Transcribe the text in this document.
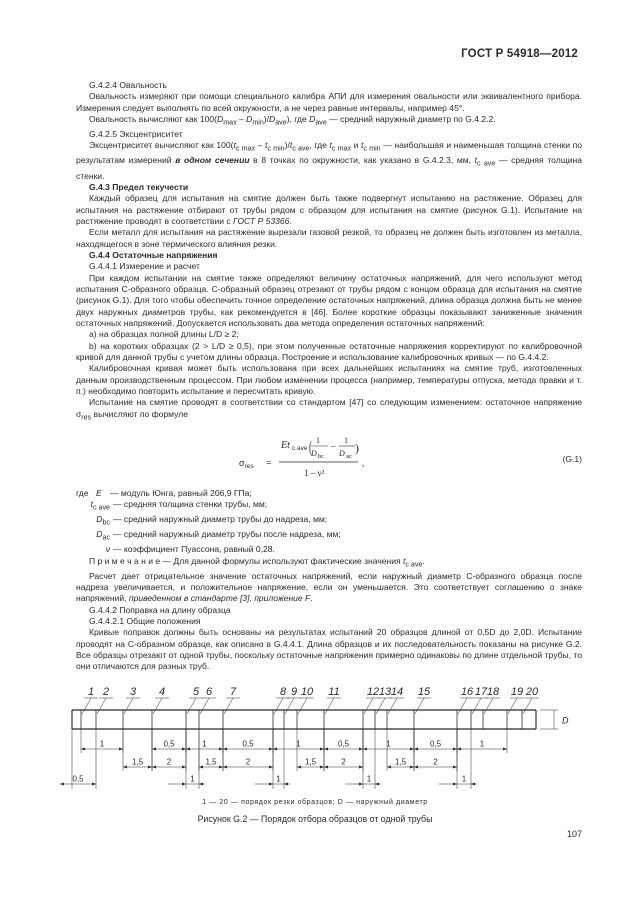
ГОСТ Р 54918—2012

G.4.2.4 Овальность

Овальность измеряют при помощи специального калибра АПИ для измерения овальности или эквивалентного прибора. Измерения следует выполнять по всей окружности, а не через равные интервалы, например 45°.

Овальность вычисляют как $100(D_{max} - D_{min})/D_{ave}$), где $D_{ave}$ — средний наружный диаметр по G.4.2.2.

G.4.2.5 Эксцентриситет

Эксцентриситет вычисляют как $100(t_{c max} - t_{c min})/t_{c ave}$, где $t_{c max}$ и $t_{c min}$ — наибольшая и наименьшая толщина стенки по результатам измерений в одном сечении в 8 точках по окружности, как указано в G.4.2.3, мм, $t_{c ave}$ — средняя толщина стенки.

G.4.3 Предел текучести

Каждый образец для испытания на смятие должен быть также подвергнут испытанию на растяжение. Образец для испытания на растяжение отбирают от трубы рядом с образцом для испытания на смятие (рисунок G.1). Испытание на растяжение проводят в соответствии с ГОСТ Р 53366.

Если металл для испытания на растяжение вырезали газовой резкой, то образец не должен быть изготовлен из металла, находящегося в зоне термического влияния резки.

G.4.4 Остаточные напряжения

G.4.4.1 Измерение и расчет

При каждом испытании на смятие также определяют величину остаточных напряжений, для чего используют метод испытания С-образного образца. С-образный образец отрезают от трубы рядом с концом образца для испытания на смятие (рисунок G.1). Для того чтобы обеспечить точное определение остаточных напряжений, длина образца должна быть не менее двух наружных диаметров трубы, как рекомендуется в [46]. Более короткие образцы показывают заниженные значения остаточных напряжений. Допускается использовать два метода определения остаточных напряжений:

a) на образцах полной длины L/D ≥ 2;

b) на коротких образцах (2 > L/D ≥ 0,5), при этом полученные остаточные напряжения корректируют по калибровочной кривой для данной трубы с учетом длины образца. Построение и использование калибровочных кривых — по G.4.4.2.

Калибровочная кривая может быть использована при всех дальнейших испытаниях на смятие труб, изготовленных данным производственным процессом. При любом изменении процесса (например, температуры отпуска, метода правки и т. п.) необходимо повторить испытание и пересчитать кривую.

Испытание на смятие проводят в соответствии со стандартом [47] со следующим изменением: остаточное напряжение $\sigma_{res}$ вычисляют по формуле

$\sigma_{res}$ =
Et c ave ( 1
D bc
–
1
D ac
)
1 – ν²
,	(G.1)
где E — модуль Юнга, равный 206,9 ГПа;
$t_{c ave}$ — средняя толщина стенки трубы, мм;
$D_{bc}$ — средний наружный диаметр трубы до надреза, мм;
$D_{ac}$ — средний наружный диаметр трубы после надреза, мм;
ν — коэффициент Пуассона, равный 0,28.

П р и м е ч а н и е — Для данной формулы используют фактические значения $t_{c ave}$.

Расчет дает отрицательное значение остаточных напряжений, если наружный диаметр С-образного образца после надреза увеличивается, и положительное напряжение, если он уменьшается. Это соответствует соглашению о знаке напряжений, приведенном в стандарте [3], приложение F.

G.4.4.2 Поправка на длину образца

G.4.4.2.1 Общие положения

Кривые поправок должны быть основаны на результатах испытаний 20 образцов длиной от 0,5D до 2,0D. Испытание проводят на С-образном образце, как описано в G.4.4.1. Длина образцов и их последовательность показаны на рисунке G.2. Все образцы отрезают от одной трубы, поскольку остаточные напряжения примерно одинаковы по длине отдельной трубы, то они отличаются для разных труб.

1 2 3 4	5 6 7	8 9 10 11 12 13 14 15	16 17 18 19 20
D
1	0,5	1	0,5	1	0,5	1	0,5	1
1,5	2	1,5	2	1,5	2	1,5	2
0,5	1	1	1	1
1 — 20 — порядок резки образцов; D — наружный диаметр
Рисунок G.2 — Порядок отбора образцов от одной трубы
107
